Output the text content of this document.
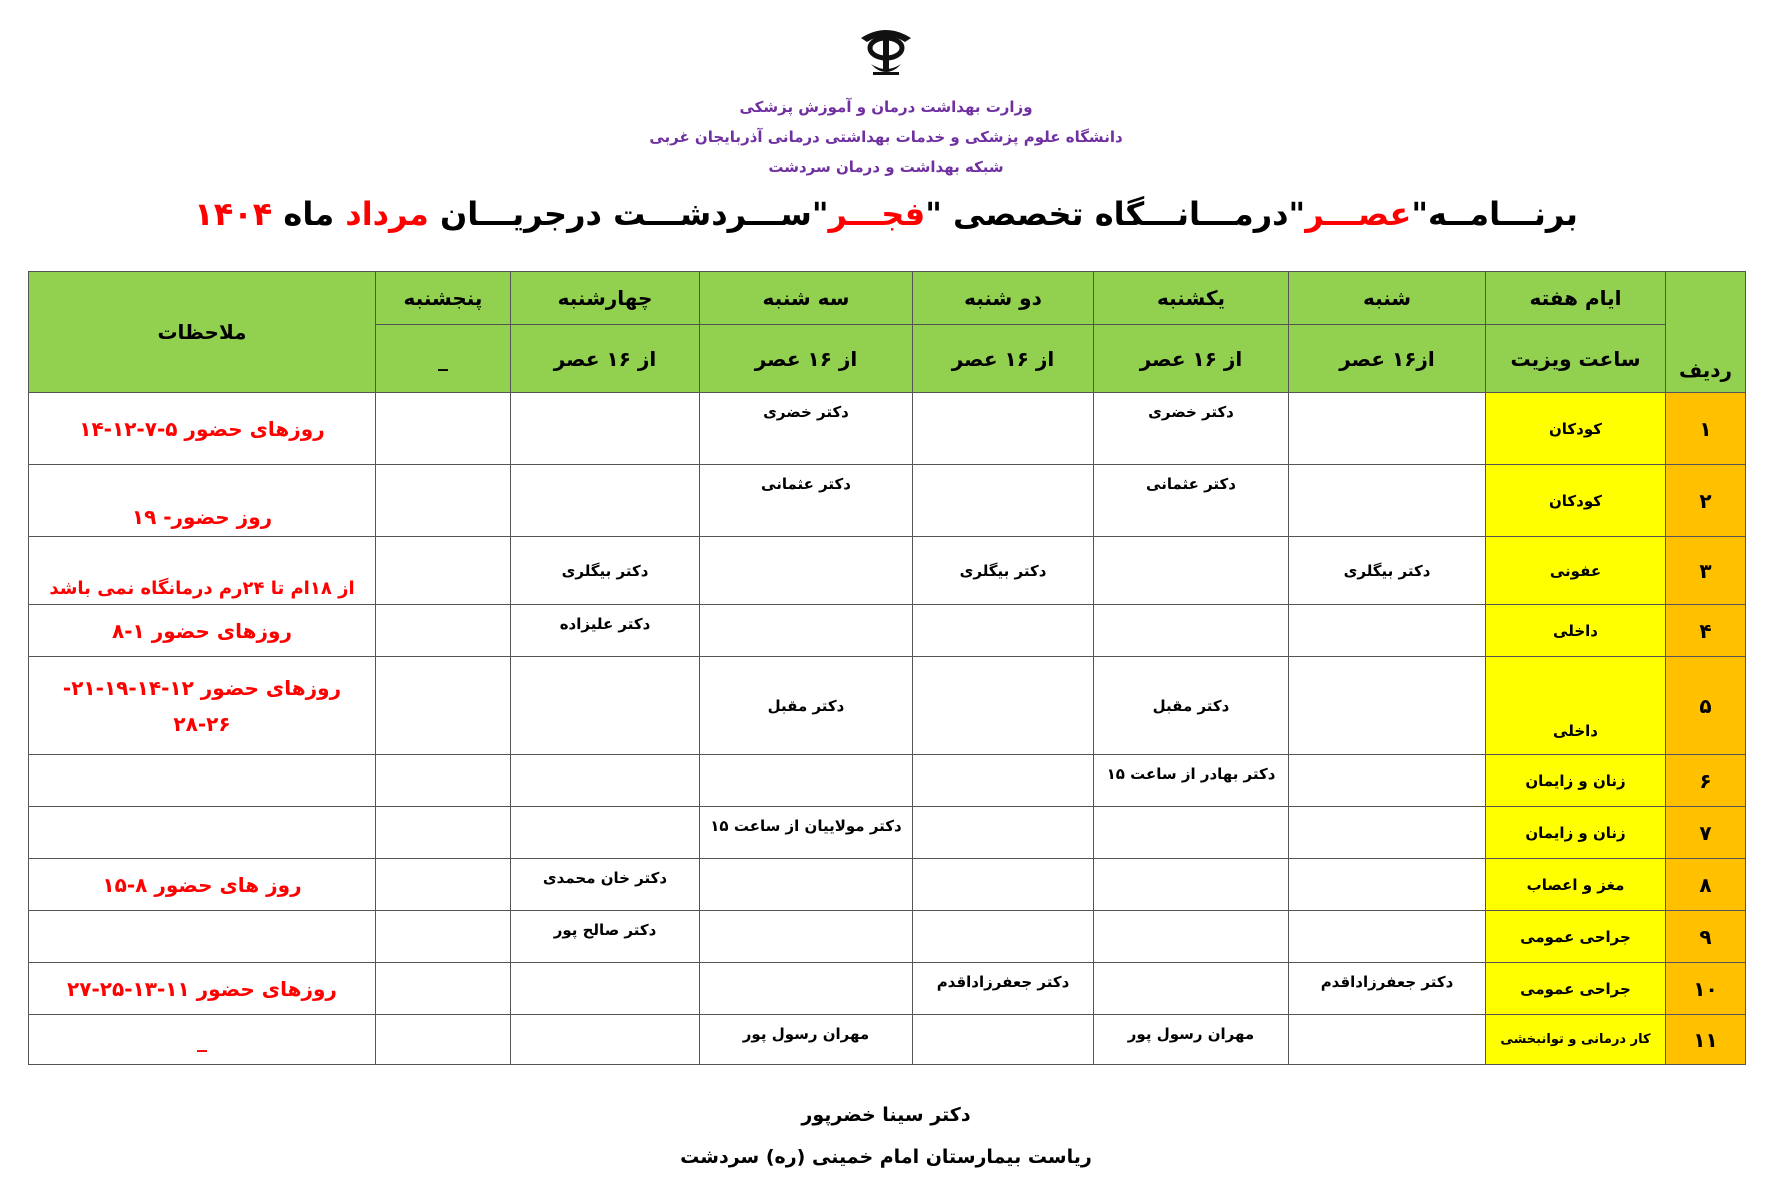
وزارت بهداشت درمان و آموزش پزشکی
دانشگاه علوم پزشکی و خدمات بهداشتی درمانی آذربایجان غربی
شبکه بهداشت و درمان سردشت
برنـــامــه"عصـــر"درمـــانـــگاه تخصصی "فجـــر"ســـردشـــت درجريـــان مرداد ماه ۱۴۰۴
رديف	ايام هفته	شنبه	يکشنبه	دو شنبه	سه شنبه	چهارشنبه	پنجشنبه	ملاحظات
	ساعت ويزيت	از۱۶ عصر	از ۱۶ عصر	از ۱۶ عصر	از ۱۶ عصر	از ۱۶ عصر	_	
۱	کودکان		دکتر خضری		دکتر خضری			روزهای حضور ۵-۷-۱۲-۱۴
۲	کودکان		دکتر عثمانی		دکتر عثمانی			روز حضور- ۱۹
۳	عفونی	دکتر بیگلری		دکتر بیگلری		دکتر بیگلری		از ۱۸ام تا ۲۴رم درمانگاه نمی باشد
۴	داخلی					دکتر علیزاده		روزهای حضور ۱-۸
۵	داخلی		دکتر مقبل		دکتر مقبل			روزهای حضور ۱۲-۱۴-۱۹-۲۱- ۲۶-۲۸
۶	زنان و زایمان		دکتر بهادر از ساعت ۱۵					
۷	زنان و زایمان				دکتر مولاییان از ساعت ۱۵			
۸	مغز و اعصاب					دکتر خان محمدی		روز های حضور ۸-۱۵
۹	جراحی عمومی					دکتر صالح پور		
۱۰	جراحی عمومی	دکتر جعفرزاداقدم		دکتر جعفرزاداقدم				روزهای حضور ۱۱-۱۳-۲۵-۲۷
۱۱	کار درمانی و توانبخشی		مهران رسول پور		مهران رسول پور			_
دکتر سینا خضرپور
ریاست بیمارستان امام خمینی (ره) سردشت
